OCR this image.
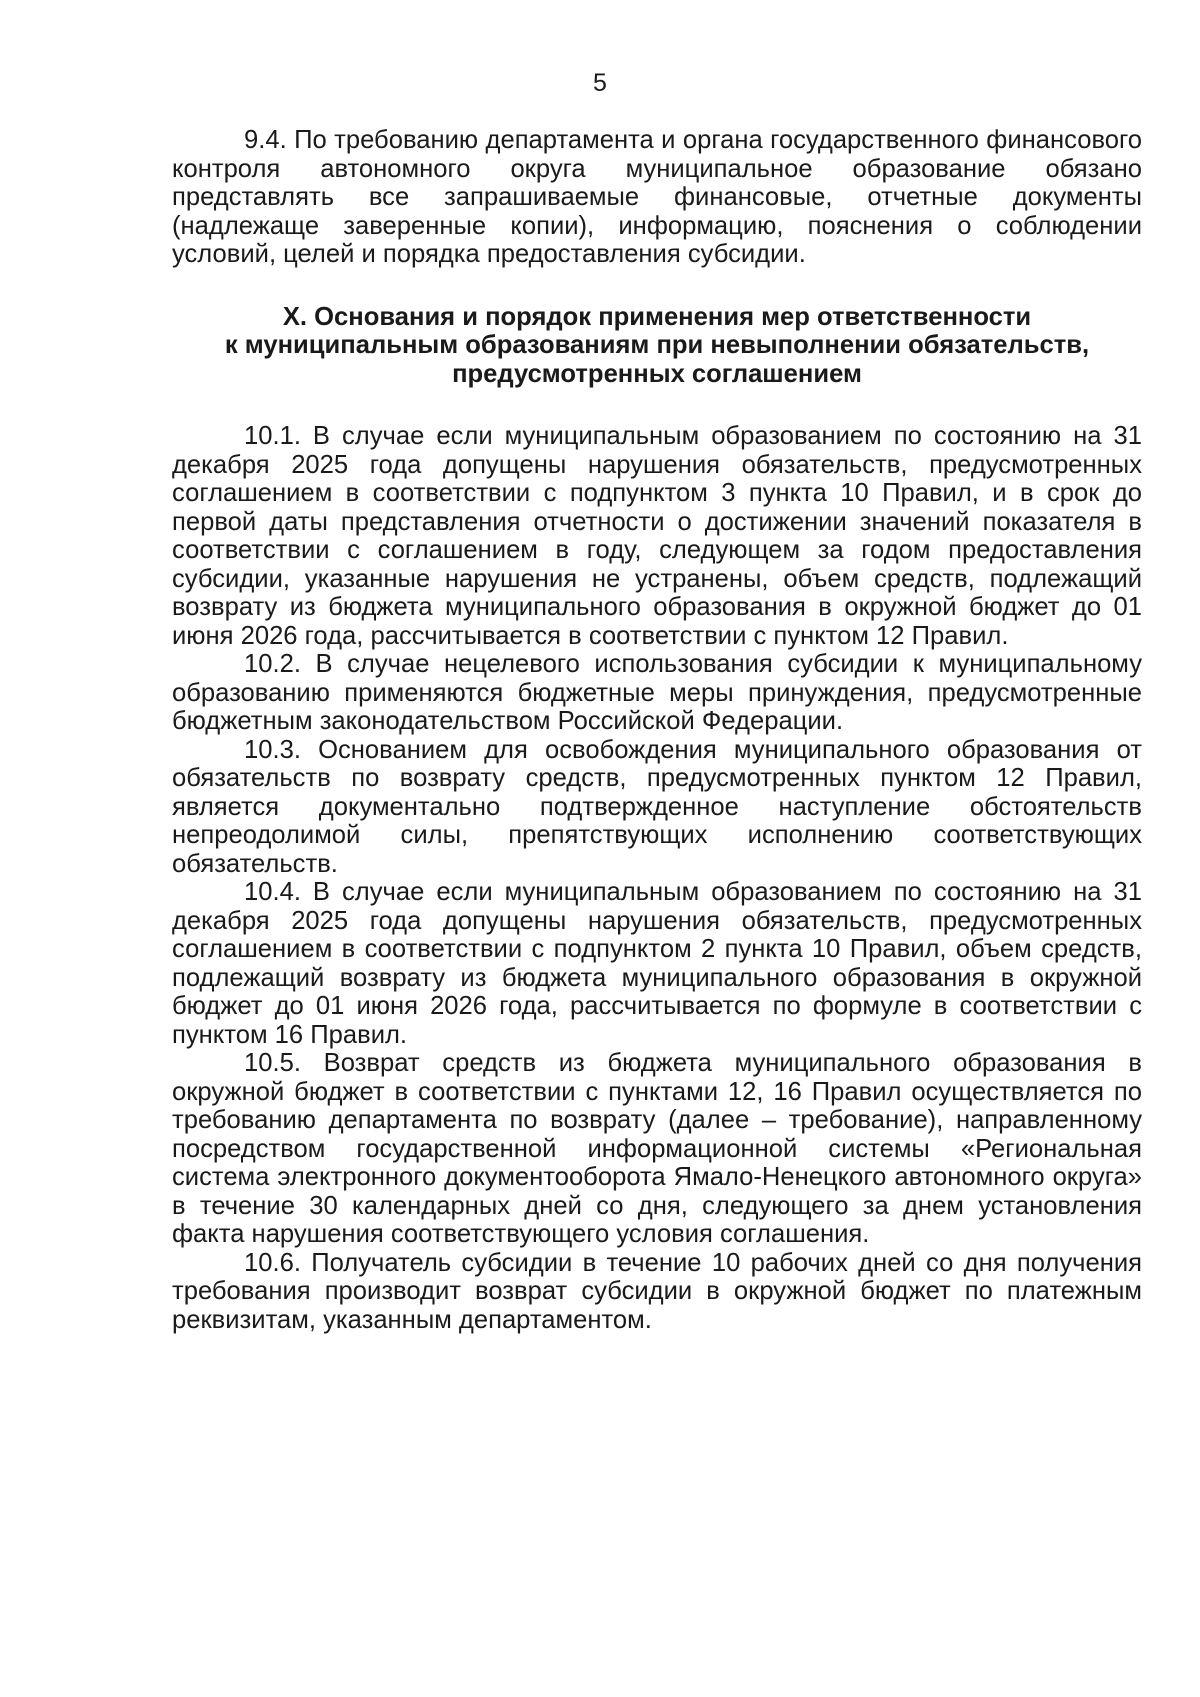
5

9.4. По требованию департамента и органа государственного финансового контроля автономного округа муниципальное образование обязано представлять все запрашиваемые финансовые, отчетные документы (надлежаще заверенные копии), информацию, пояснения о соблюдении условий, целей и порядка предоставления субсидии.

X. Основания и порядок применения мер ответственности
к муниципальным образованиям при невыполнении обязательств,
предусмотренных соглашением

10.1. В случае если муниципальным образованием по состоянию на 31 декабря 2025 года допущены нарушения обязательств, предусмотренных соглашением в соответствии с подпунктом 3 пункта 10 Правил, и в срок до первой даты представления отчетности о достижении значений показателя в соответствии с соглашением в году, следующем за годом предоставления субсидии, указанные нарушения не устранены, объем средств, подлежащий возврату из бюджета муниципального образования в окружной бюджет до 01 июня 2026 года, рассчитывается в соответствии с пунктом 12 Правил.

10.2. В случае нецелевого использования субсидии к муниципальному образованию применяются бюджетные меры принуждения, предусмотренные бюджетным законодательством Российской Федерации.

10.3. Основанием для освобождения муниципального образования от обязательств по возврату средств, предусмотренных пунктом 12 Правил, является документально подтвержденное наступление обстоятельств непреодолимой силы, препятствующих исполнению соответствующих обязательств.

10.4. В случае если муниципальным образованием по состоянию на 31 декабря 2025 года допущены нарушения обязательств, предусмотренных соглашением в соответствии с подпунктом 2 пункта 10 Правил, объем средств, подлежащий возврату из бюджета муниципального образования в окружной бюджет до 01 июня 2026 года, рассчитывается по формуле в соответствии с пунктом 16 Правил.

10.5. Возврат средств из бюджета муниципального образования в окружной бюджет в соответствии с пунктами 12, 16 Правил осуществляется по требованию департамента по возврату (далее – требование), направленному посредством государственной информационной системы «Региональная система электронного документооборота Ямало-Ненецкого автономного округа» в течение 30 календарных дней со дня, следующего за днем установления факта нарушения соответствующего условия соглашения.

10.6. Получатель субсидии в течение 10 рабочих дней со дня получения требования производит возврат субсидии в окружной бюджет по платежным реквизитам, указанным департаментом.
